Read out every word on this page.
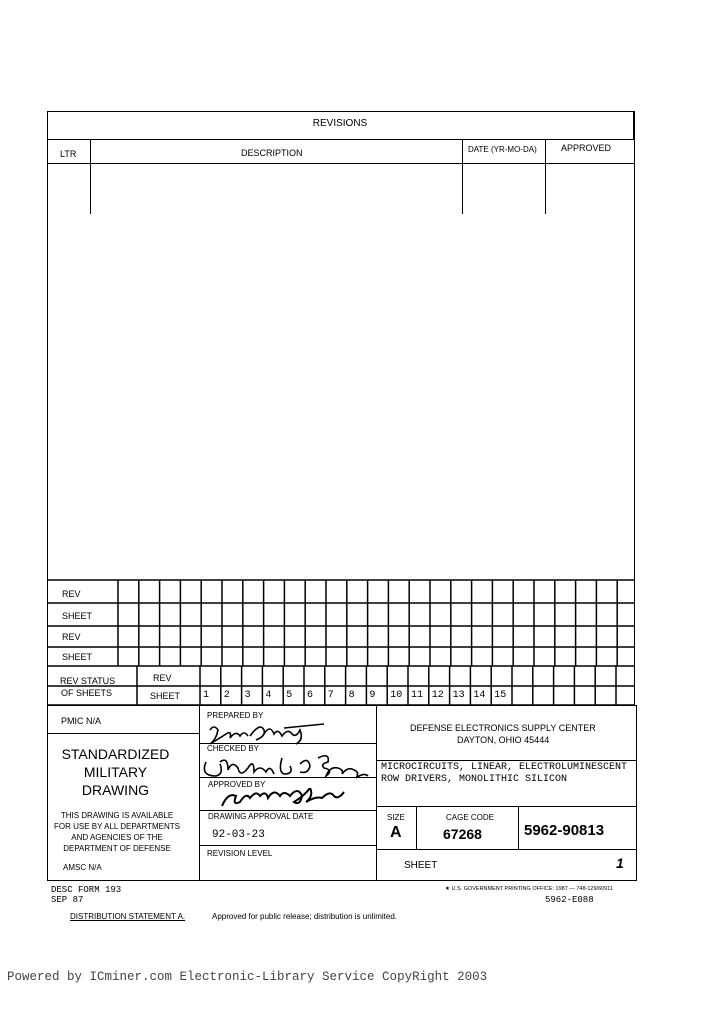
REVISIONS
LTR	DESCRIPTION	DATE (YR-MO-DA)	APPROVED
REV
SHEET
REV
SHEET
REV STATUS
OF SHEETS
REV
SHEET 1 2 3 4 5 6 7 8 9 10 11 12 13 14 15
PMIC N/A
STANDARDIZED
MILITARY
DRAWING
THIS DRAWING IS AVAILABLE
FOR USE BY ALL DEPARTMENTS
AND AGENCIES OF THE
DEPARTMENT OF DEFENSE
AMSC N/A
PREPARED BY
CHECKED BY
APPROVED BY
DRAWING APPROVAL DATE
92-03-23
REVISION LEVEL
DEFENSE ELECTRONICS SUPPLY CENTER
DAYTON, OHIO 45444
MICROCIRCUITS, LINEAR, ELECTROLUMINESCENT
ROW DRIVERS, MONOLITHIC SILICON
SIZE
A
CAGE CODE
67268	5962-90813
SHEET	1
DESC FORM 193
SEP 87
★ U.S. GOVERNMENT PRINTING OFFICE: 1987 — 748-129/60911
5962-E088
DISTRIBUTION STATEMENT A.	Approved for public release; distribution is unlimited.
Powered by ICminer.com Electronic-Library Service CopyRight 2003
